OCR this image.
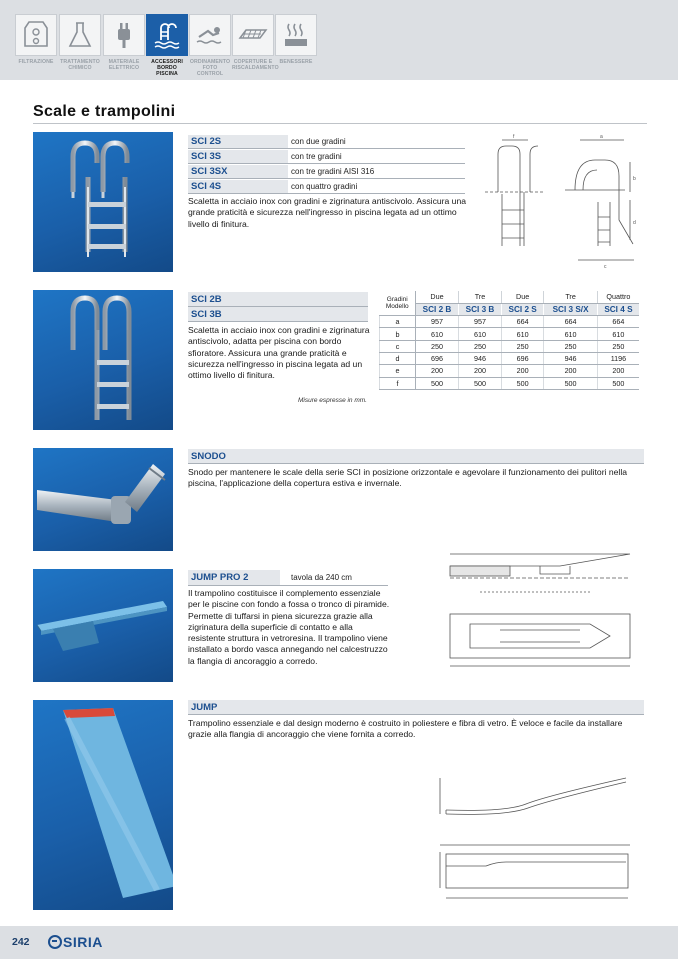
FILTRAZIONE	TRATTAMENTO
CHIMICO
MATERIALE
ELETTRICO
ACCESSORI
BORDO PISCINA
ORDINAMENTO
FOTO CONTROL
COPERTURE E
RISCALDAMENTO
BENESSERE
Scale e trampolini
SCI 2S	con due gradini
SCI 3S	con tre gradini
SCI 3SX	con tre gradini AISI 316
SCI 4S	con quattro gradini

Scaletta in acciaio inox con gradini e zigrinatura antiscivolo. Assicura una grande praticità e sicurezza nell'ingresso in piscina legata ad un ottimo livello di finitura.

f	a
b
d
c
SCI 2B
SCI 3B

Scaletta in acciaio inox con gradini e zigrinatura antiscivolo, adatta per piscina con bordo sfioratore. Assicura una grande praticità e sicurezza nell'ingresso in piscina legata ad un ottimo livello di finitura.

Misure espresse in mm.
Gradini
Modello	Due	Tre	Due	Tre	Quattro
	SCI 2 B	SCI 3 B	SCI 2 S	SCI 3 S/X	SCI 4 S
a	957	957	664	664	664
b	610	610	610	610	610
c	250	250	250	250	250
d	696	946	696	946	1196
e	200	200	200	200	200
f	500	500	500	500	500
SNODO

Snodo per mantenere le scale della serie SCI in posizione orizzontale e agevolare il funzionamento dei pulitori nella piscina, l'applicazione della copertura estiva e invernale.

JUMP PRO 2	tavola da 240 cm

Il trampolino costituisce il complemento essenziale per le piscine con fondo a fossa o tronco di piramide. Permette di tuffarsi in piena sicurezza grazie alla zigrinatura della superficie di contatto e alla resistente struttura in vetroresina. Il trampolino viene installato a bordo vasca annegando nel calcestruzzo la flangia di ancoraggio a corredo.

JUMP

Trampolino essenziale e dal design moderno è costruito in poliestere e fibra di vetro. È veloce e facile da installare grazie alla flangia di ancoraggio che viene fornita a corredo.

242 SIRIA
